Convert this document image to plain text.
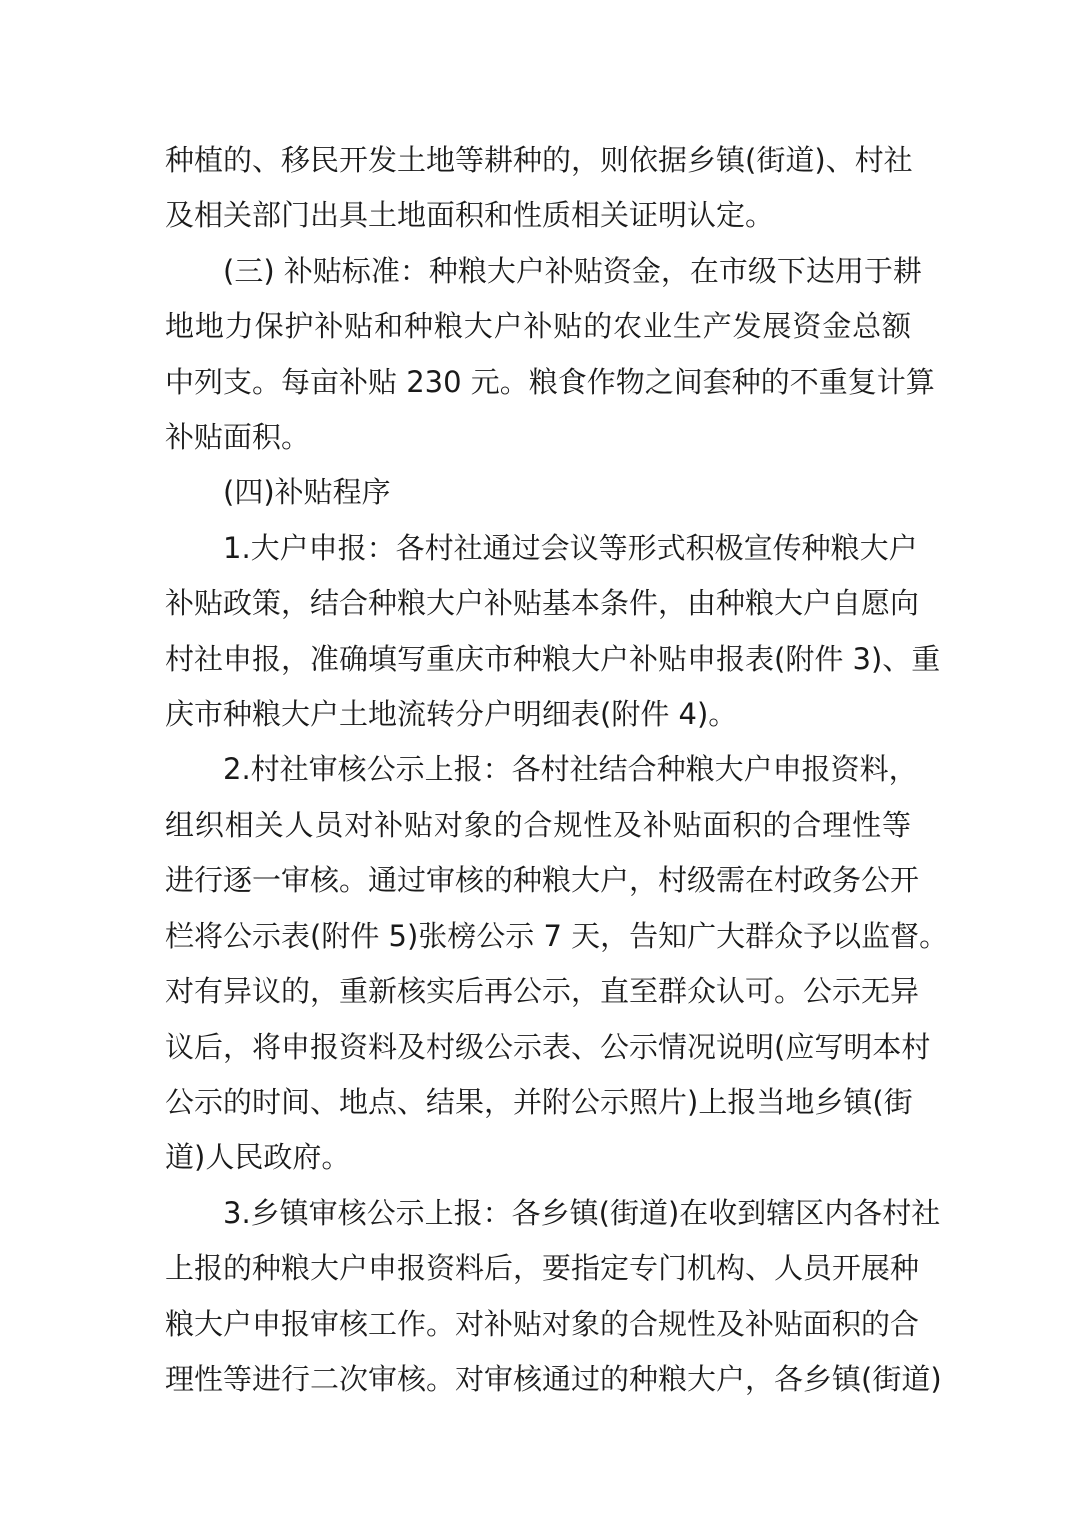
种植的、移民开发土地等耕种的，则依据乡镇(街道)、村社
及相关部门出具土地面积和性质相关证明认定。
(三) 补贴标准：种粮大户补贴资金，在市级下达用于耕
地地力保护补贴和种粮大户补贴的农业生产发展资金总额
中列支。每亩补贴 230 元。粮食作物之间套种的不重复计算
补贴面积。
(四)补贴程序
1.大户申报：各村社通过会议等形式积极宣传种粮大户
补贴政策，结合种粮大户补贴基本条件，由种粮大户自愿向
村社申报，准确填写重庆市种粮大户补贴申报表(附件 3)、重
庆市种粮大户土地流转分户明细表(附件 4)。
2.村社审核公示上报：各村社结合种粮大户申报资料，
组织相关人员对补贴对象的合规性及补贴面积的合理性等
进行逐一审核。通过审核的种粮大户，村级需在村政务公开
栏将公示表(附件 5)张榜公示 7 天，告知广大群众予以监督。
对有异议的，重新核实后再公示，直至群众认可。公示无异
议后，将申报资料及村级公示表、公示情况说明(应写明本村
公示的时间、地点、结果，并附公示照片)上报当地乡镇(街
道)人民政府。
3.乡镇审核公示上报：各乡镇(街道)在收到辖区内各村社
上报的种粮大户申报资料后，要指定专门机构、人员开展种
粮大户申报审核工作。对补贴对象的合规性及补贴面积的合
理性等进行二次审核。对审核通过的种粮大户，各乡镇(街道)
